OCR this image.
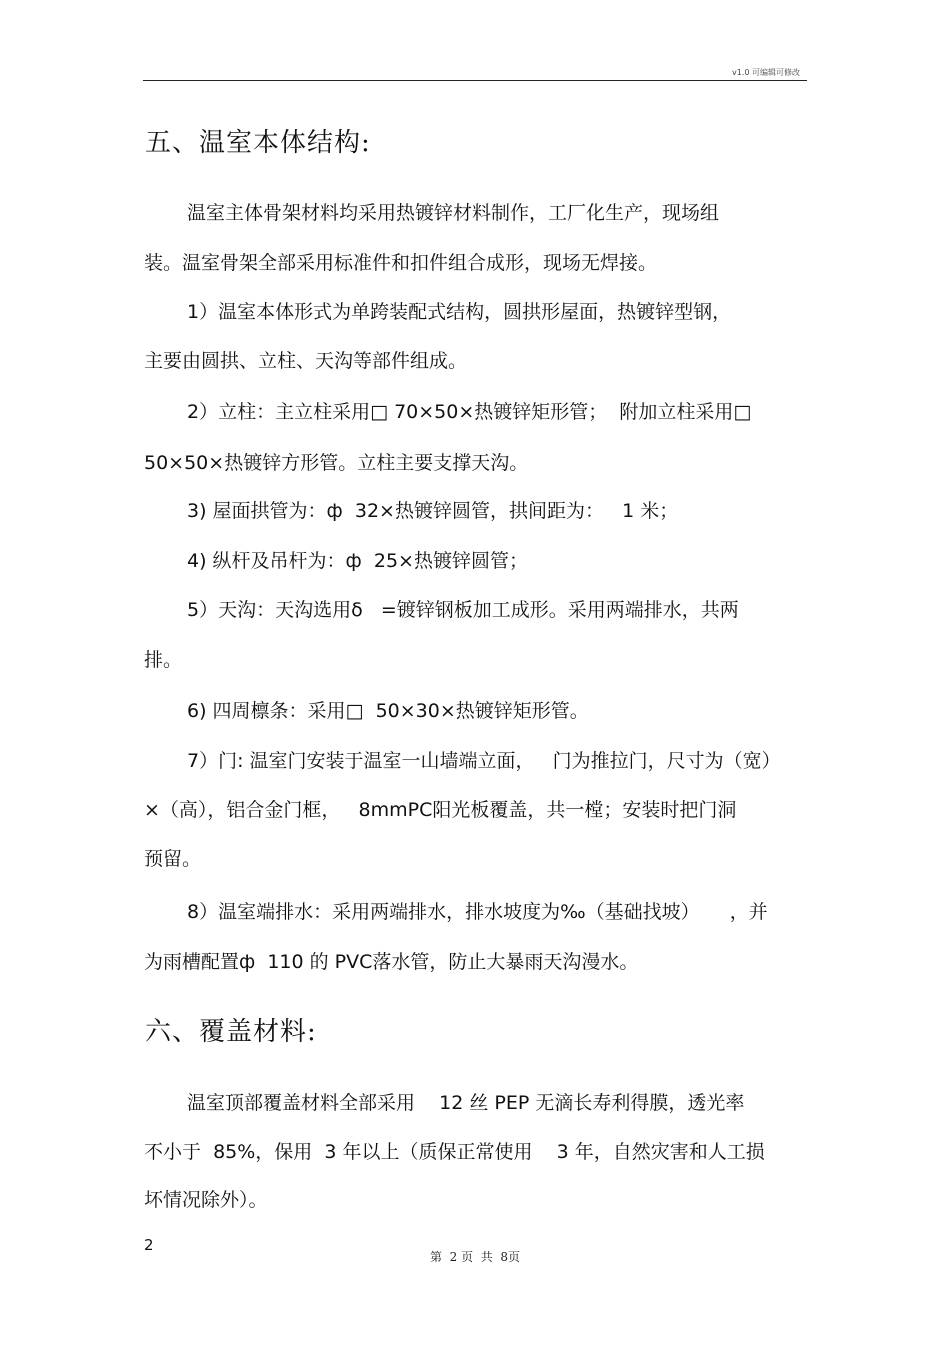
v1.0 可编辑可修改
五、温室本体结构:
温室主体骨架材料均采用热镀锌材料制作，工厂化生产，现场组
装。温室骨架全部采用标准件和扣件组合成形，现场无焊接。
1）温室本体形式为单跨装配式结构，圆拱形屋面，热镀锌型钢，
主要由圆拱、立柱、天沟等部件组成。
2）立柱：主立柱采用□ 70×50×热镀锌矩形管；  附加立柱采用□
50×50×热镀锌方形管。立柱主要支撑天沟。
3) 屋面拱管为：ф  32×热镀锌圆管，拱间距为：   1 米；
4) 纵杆及吊杆为：ф  25×热镀锌圆管；
5）天沟：天沟选用δ   =镀锌钢板加工成形。采用两端排水，共两
排。
6) 四周檩条：采用□  50×30×热镀锌矩形管。
7）门: 温室门安装于温室一山墙端立面，   门为推拉门，尺寸为（宽）
×（高），铝合金门框，   8mmPC阳光板覆盖，共一樘；安装时把门洞
预留。
8）温室端排水：采用两端排水，排水坡度为‰（基础找坡）     ，并
为雨槽配置ф  110 的 PVC落水管，防止大暴雨天沟漫水。
六、覆盖材料:
温室顶部覆盖材料全部采用    12 丝 PEP 无滴长寿利得膜，透光率
不小于  85%，保用  3 年以上（质保正常使用    3 年，自然灾害和人工损
坏情况除外）。
2
第  2 页  共  8页
